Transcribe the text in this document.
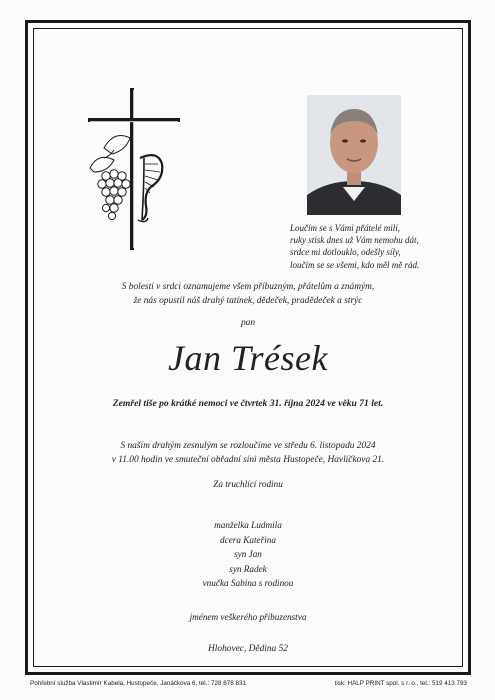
Loučím se s Vámi přátelé milí,
ruky stisk dnes už Vám nemohu dát,
srdce mi dotlouklo, odešly síly,
loučím se se všemi, kdo měl mě rád.
S bolestí v srdci oznamujeme všem příbuzným, přátelům a známým,
že nás opustil náš drahý tatínek, dědeček, pradědeček a strýc
pan
Jan Trések
Zemřel tiše po krátké nemoci ve čtvrtek 31. října 2024 ve věku 71 let.
S naším drahým zesnulým se rozloučíme ve středu 6. listopadu 2024
v 11.00 hodin ve smuteční obřadní síni města Hustopeče, Havlíčkova 21.
Za truchlící rodinu
manželka Ludmila
dcera Kateřina
syn Jan
syn Radek
vnučka Sabina s rodinou
jménem veškerého příbuzenstva
Hlohovec, Dědina 52
Pohřební služba Vlastimír Kabela, Hustopeče, Janáčkova 6, tel.: 728 678 831	tisk: HALP PRINT spol. s r. o., tel.: 519 413 793
